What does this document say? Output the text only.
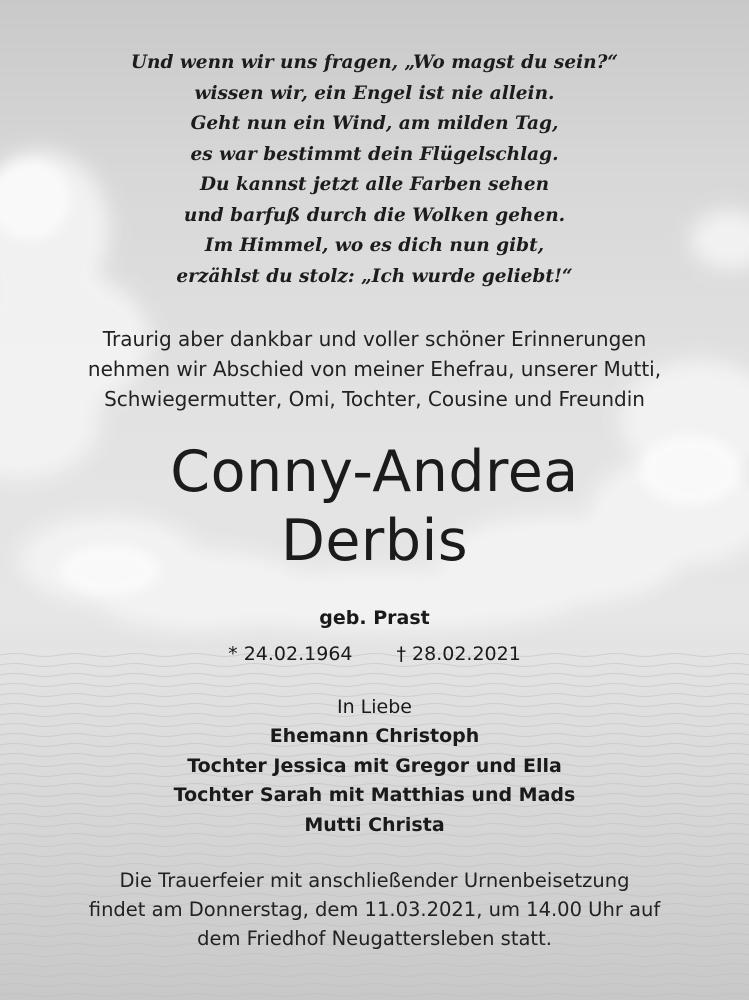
Und wenn wir uns fragen, „Wo magst du sein?“
wissen wir, ein Engel ist nie allein.
Geht nun ein Wind, am milden Tag,
es war bestimmt dein Flügelschlag.
Du kannst jetzt alle Farben sehen
und barfuß durch die Wolken gehen.
Im Himmel, wo es dich nun gibt,
erzählst du stolz: „Ich wurde geliebt!“
Traurig aber dankbar und voller schöner Erinnerungen
nehmen wir Abschied von meiner Ehefrau, unserer Mutti,
Schwiegermutter, Omi, Tochter, Cousine und Freundin
Conny-Andrea
Derbis
geb. Prast
* 24.02.1964 † 28.02.2021
In Liebe
Ehemann Christoph
Tochter Jessica mit Gregor und Ella
Tochter Sarah mit Matthias und Mads
Mutti Christa
Die Trauerfeier mit anschließender Urnenbeisetzung
findet am Donnerstag, dem 11.03.2021, um 14.00 Uhr auf
dem Friedhof Neugattersleben statt.
